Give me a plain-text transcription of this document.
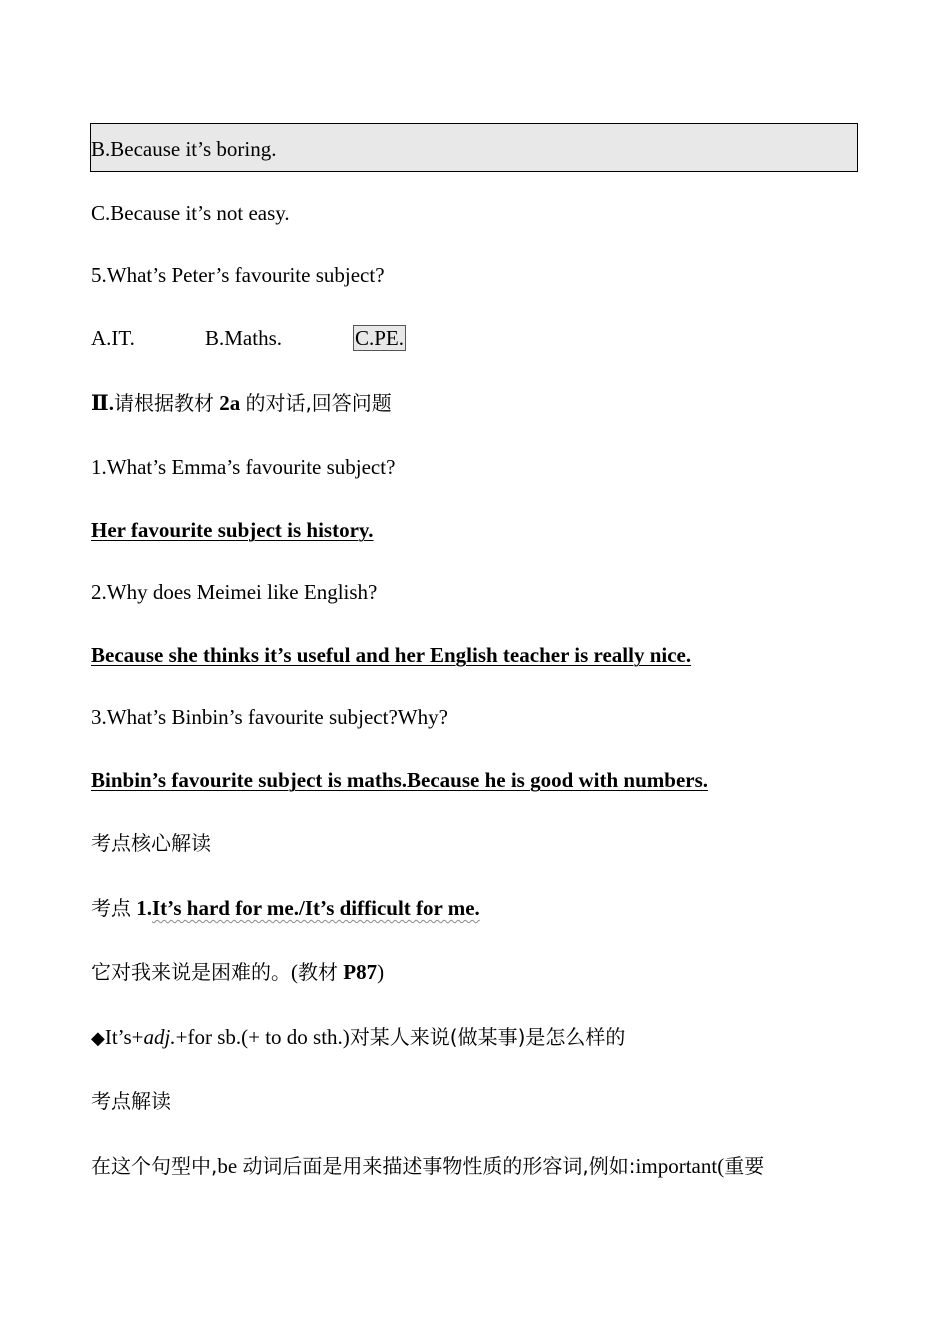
B.Because it’s boring.
C.Because it’s not easy.
5.What’s Peter’s favourite subject?
A.IT.	B.Maths.	C.PE.
Ⅱ.请根据教材 2a 的对话,回答问题
1.What’s Emma’s favourite subject?
Her favourite subject is history.
2.Why does Meimei like English?
Because she thinks it’s useful and her English teacher is really nice.
3.What’s Binbin’s favourite subject?Why?
Binbin’s favourite subject is maths.Because he is good with numbers.
考点核心解读
考点 1.It’s hard for me./It’s difficult for me.
它对我来说是困难的。(教材 P87)
◆It’s+adj.+for sb.(+ to do sth.)对某人来说(做某事)是怎么样的
考点解读
在这个句型中,be 动词后面是用来描述事物性质的形容词,例如:important(重要
